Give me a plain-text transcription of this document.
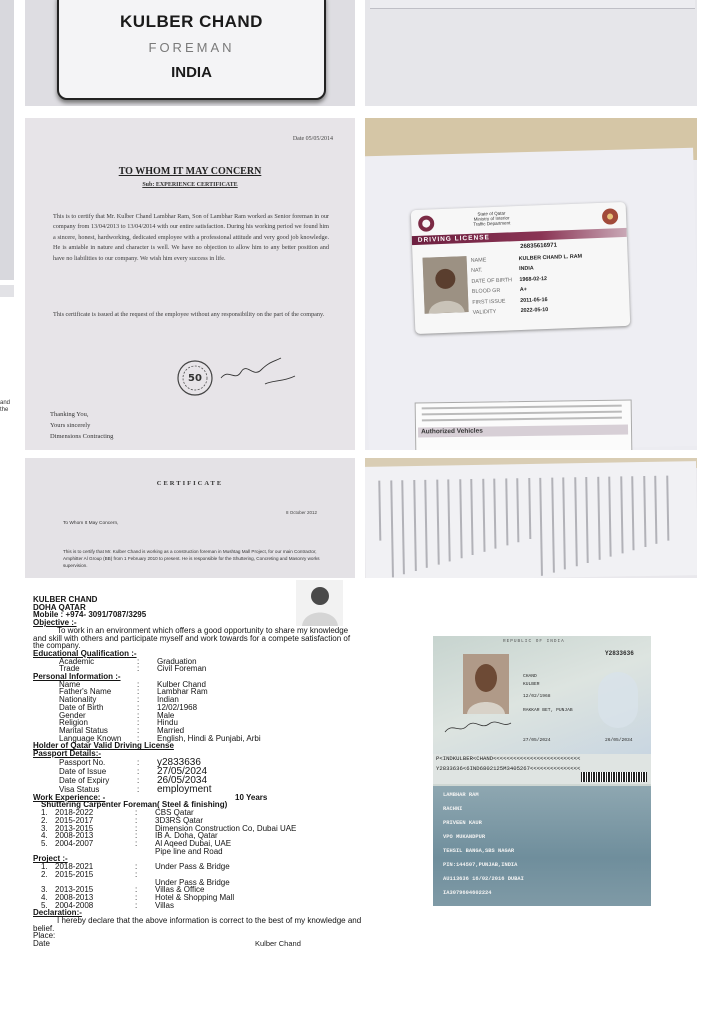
and
the
KULBER CHAND
FOREMAN
INDIA
Date 05/05/2014
TO WHOM IT MAY CONCERN
Sub: EXPERIENCE CERTIFICATE
This is to certify that Mr. Kulber Chand Lambhar Ram, Son of Lambhar Ram worked as Senior foreman in our company from 13/04/2013 to 13/04/2014 with our entire satisfaction. During his working period we found him a sincere, honest, hardworking, dedicated employee with a professional attitude and very good job knowledge. He is amiable in nature and character is well. We have no objection to allow him to any better position and have no liabilities to our company. We wish him every success in life.
This certificate is issued at the request of the employee without any responsibility on the part of the company.
50
Thanking You,
Yours sincerely
Dimensions Contracting
State of Qatar
Ministry of Interior
Traffic Department
DRIVING LICENSE
26835616971
NAME	KULBER CHAND L. RAM
NAT.	INDIA
DATE OF BIRTH 1968-02-12
BLOOD GR	A+
FIRST ISSUE	2011-05-16
VALIDITY	2022-05-10
Authorized Vehicles
CERTIFICATE
8 October 2012
To Whom It May Concern,
This is to certify that Mr. Kulber Chand is working as a construction foreman in Mushtag Mall Project, for our main Contractor, Amphitter Al Group (BB) from 1 February 2010 to present. He is responsible for the Shuttering, Concreting and Masonry works supervision.
KULBER CHAND
DOHA QATAR
Mobile : +974- 3091/7087/3295
Objective :-
To work in an environment which offers a good opportunity to share my knowledge and skill with others and participate myself and work towards for a compete satisfaction of the company.
Educational Qualification :-
Academic	:	Graduation
Trade	:	Civil Foreman
Personal Information :-
Name	:	Kulber Chand
Father's Name	:	Lambhar Ram
Nationality	:	Indian
Date of Birth	:	12/02/1968
Gender	:	Male
Religion	:	Hindu
Marital Status	:	Married
Language Known	:	English, Hindi & Punjabi, Arbi
Holder of Qatar Valid Driving License
Passport Details:-
Passport No.	:	y2833636
Date of Issue	:	27/05/2024
Date of Expiry	:	26/05/2034
Visa Status	:	employment
Work Experience: -	10 Years
Shuttering Carpenter Foreman( Steel & finishing)
1. 2018-2022	:	CBS Qatar
2. 2015-2017	:	3D3RS Qatar
3. 2013-2015	:	Dimension Construction Co, Dubai UAE
4. 2008-2013	:	IB A. Doha, Qatar
5. 2004-2007	:	Al Aqeed Dubai, UAE
Pipe line and Road
Project :-
1. 2018-2021	:	Under Pass & Bridge
2. 2015-2015	:
Under Pass & Bridge
3. 2013-2015	:	Villas & Office
4. 2008-2013	:	Hotel & Shopping Mall
5. 2004-2008	:	Villas
Declaration:-
I hereby declare that the above information is correct to the best of my knowledge and belief.
Place:
Date	Kulber Chand
REPUBLIC OF INDIA
Y2833636
CHAND
KULBER
12/02/1968
RAKKAR BET, PUNJAB
27/05/2024	26/05/2034
P<INDKULBER<CHAND<<<<<<<<<<<<<<<<<<<<<<<<<<
Y2833636<6IND6802125M3405267<<<<<<<<<<<<<<<
LAMBHAR RAM
RACHNI
PRIVEEN KAUR
VPO MUKANDPUR
TEHSIL BANGA,SBS NAGAR
PIN:144507,PUNJAB,INDIA
AU113636 16/02/2016 DUBAI
IA3079604602224
